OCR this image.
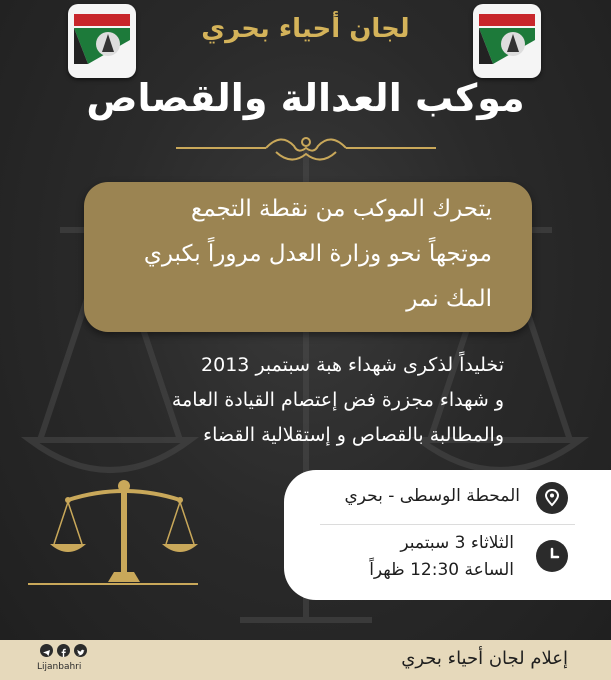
لجان أحياء بحري
موكب العدالة والقصاص
يتحرك الموكب من نقطة التجمع
موتجهاً نحو وزارة العدل مروراً بكبري
المك نمر
تخليداً لذكرى شهداء هبة سبتمبر 2013
و شهداء مجزرة فض إعتصام القيادة العامة
والمطالبة بالقصاص و إستقلالية القضاء
المحطة الوسطى - بحري
الثلاثاء 3 سبتمبر
الساعة 12:30 ظهراً
إعلام لجان أحياء بحري
Lijanbahri
